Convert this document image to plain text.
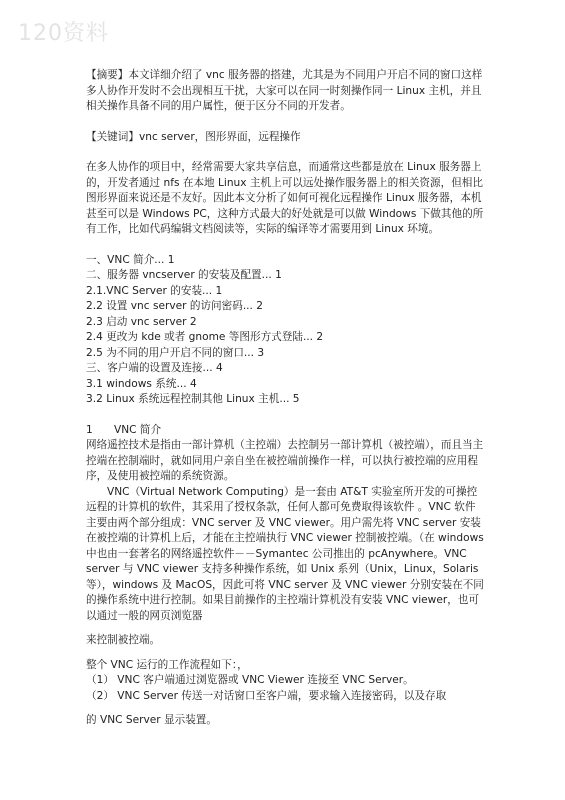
120资料

【摘要】本文详细介绍了 vnc 服务器的搭建，尤其是为不同用户开启不同的窗口这样多人协作开发时不会出现相互干扰，大家可以在同一时刻操作同一 Linux 主机，并且相关操作具备不同的用户属性，便于区分不同的开发者。

【关键词】vnc server，图形界面，远程操作

在多人协作的项目中，经常需要大家共享信息，而通常这些都是放在 Linux 服务器上的，开发者通过 nfs 在本地 Linux 主机上可以远处操作服务器上的相关资源，但相比图形界面来说还是不友好。因此本文分析了如何可视化远程操作 Linux 服务器，本机甚至可以是 Windows PC，这种方式最大的好处就是可以做 Windows 下做其他的所有工作，比如代码编辑文档阅读等，实际的编译等才需要用到 Linux 环境。

一、VNC 简介... 1
二、服务器 vncserver 的安装及配置... 1
2.1.VNC Server 的安装... 1
2.2 设置 vnc server 的访问密码... 2
2.3 启动 vnc server 2
2.4 更改为 kde 或者 gnome 等图形方式登陆... 2
2.5 为不同的用户开启不同的窗口... 3
三、客户端的设置及连接... 4
3.1 windows 系统... 4
3.2 Linux 系统远程控制其他 Linux 主机... 5

1 VNC 简介

网络遥控技术是指由一部计算机（主控端）去控制另一部计算机（被控端），而且当主控端在控制端时，就如同用户亲自坐在被控端前操作一样，可以执行被控端的应用程序，及使用被控端的系统资源。

VNC（Virtual Network Computing）是一套由 AT&T 实验室所开发的可操控远程的计算机的软件，其采用了授权条款，任何人都可免费取得该软件 。VNC 软件主要由两个部分组成：VNC server 及 VNC viewer。用户需先将 VNC server 安装在被控端的计算机上后，才能在主控端执行 VNC viewer 控制被控端。（在 windows 中也由一套著名的网络遥控软件－－Symantec 公司推出的 pcAnywhere。VNC server 与 VNC viewer 支持多种操作系统，如 Unix 系列（Unix，Linux，Solaris 等），windows 及 MacOS，因此可将 VNC server 及 VNC viewer 分别安装在不同的操作系统中进行控制。如果目前操作的主控端计算机没有安装 VNC viewer，也可以通过一般的网页浏览器

来控制被控端。

整个 VNC 运行的工作流程如下：，
（1） VNC 客户端通过浏览器或 VNC Viewer 连接至 VNC Server。
（2） VNC Server 传送一对话窗口至客户端，要求输入连接密码，以及存取
的 VNC Server 显示装置。
